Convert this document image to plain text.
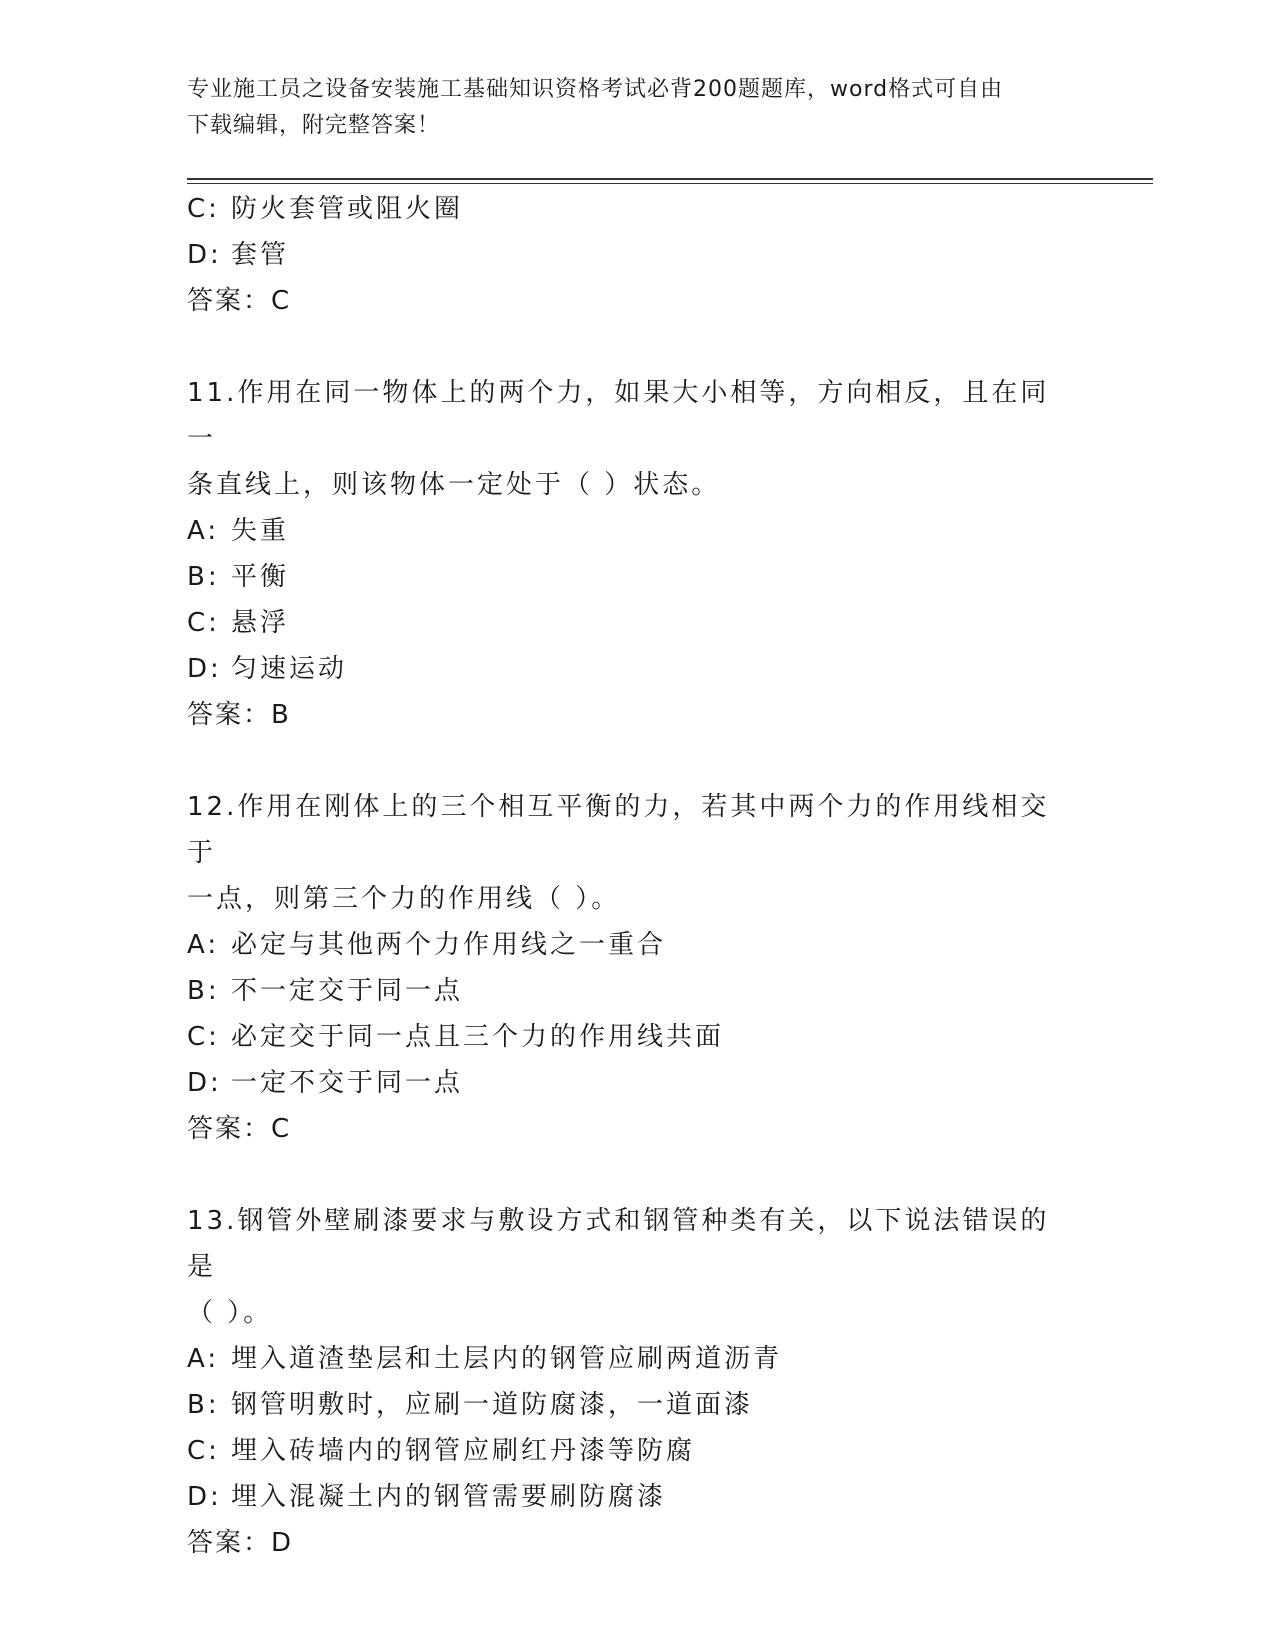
专业施工员之设备安装施工基础知识资格考试必背200题题库，word格式可自由
下载编辑，附完整答案！
C: 防火套管或阻火圈
D: 套管
答案：C
11.作用在同一物体上的两个力，如果大小相等，方向相反，且在同一
条直线上，则该物体一定处于（ ）状态。
A: 失重
B: 平衡
C: 悬浮
D: 匀速运动
答案：B
12.作用在刚体上的三个相互平衡的力，若其中两个力的作用线相交于
一点，则第三个力的作用线（ ）。
A: 必定与其他两个力作用线之一重合
B: 不一定交于同一点
C: 必定交于同一点且三个力的作用线共面
D: 一定不交于同一点
答案：C
13.钢管外壁刷漆要求与敷设方式和钢管种类有关，以下说法错误的是
（ ）。
A: 埋入道渣垫层和土层内的钢管应刷两道沥青
B: 钢管明敷时，应刷一道防腐漆，一道面漆
C: 埋入砖墙内的钢管应刷红丹漆等防腐
D: 埋入混凝土内的钢管需要刷防腐漆
答案：D
